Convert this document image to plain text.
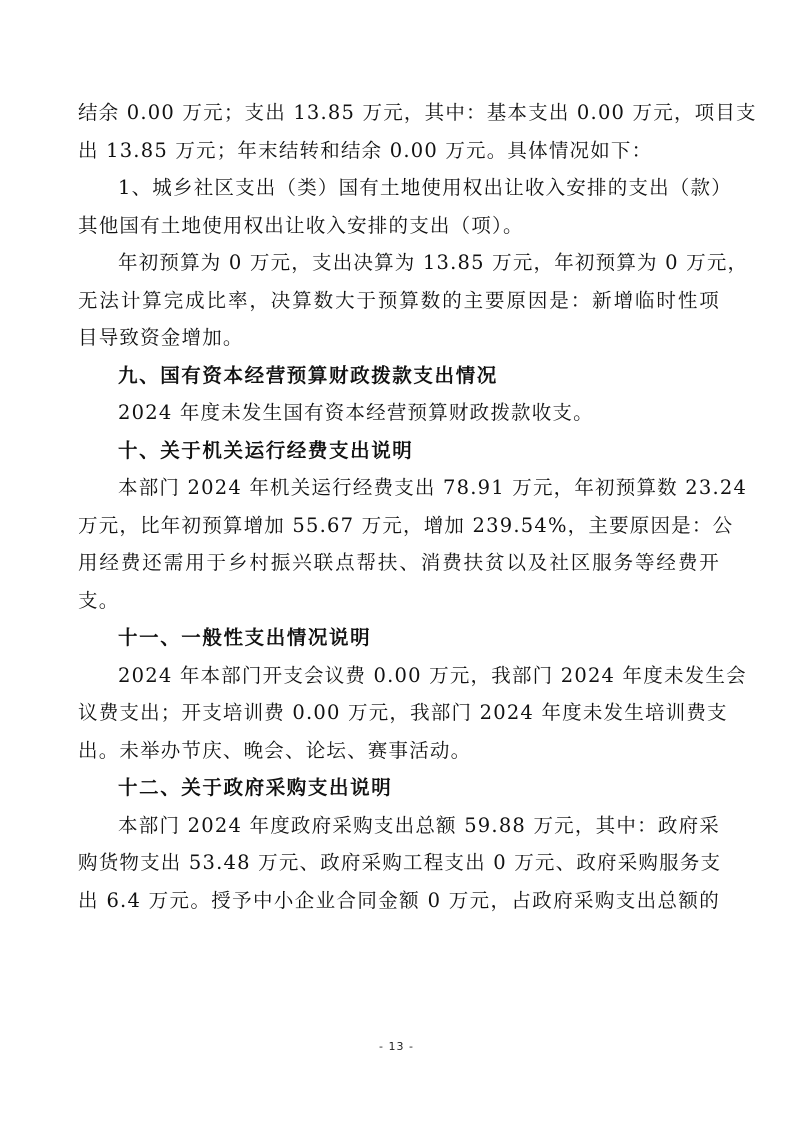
结余 0.00 万元；支出 13.85 万元，其中：基本支出 0.00 万元，项目支
出 13.85 万元；年末结转和结余 0.00 万元。具体情况如下：
1、城乡社区支出（类）国有土地使用权出让收入安排的支出（款）
其他国有土地使用权出让收入安排的支出（项）。
年初预算为 0 万元，支出决算为 13.85 万元，年初预算为 0 万元，
无法计算完成比率，决算数大于预算数的主要原因是：新增临时性项
目导致资金增加。
九、国有资本经营预算财政拨款支出情况
2024 年度未发生国有资本经营预算财政拨款收支。
十、关于机关运行经费支出说明
本部门 2024 年机关运行经费支出 78.91 万元，年初预算数 23.24
万元，比年初预算增加 55.67 万元，增加 239.54%，主要原因是：公
用经费还需用于乡村振兴联点帮扶、消费扶贫以及社区服务等经费开
支。
十一、一般性支出情况说明
2024 年本部门开支会议费 0.00 万元，我部门 2024 年度未发生会
议费支出；开支培训费 0.00 万元，我部门 2024 年度未发生培训费支
出。未举办节庆、晚会、论坛、赛事活动。
十二、关于政府采购支出说明
本部门 2024 年度政府采购支出总额 59.88 万元，其中：政府采
购货物支出 53.48 万元、政府采购工程支出 0 万元、政府采购服务支
出 6.4 万元。授予中小企业合同金额 0 万元，占政府采购支出总额的
- 13 -
